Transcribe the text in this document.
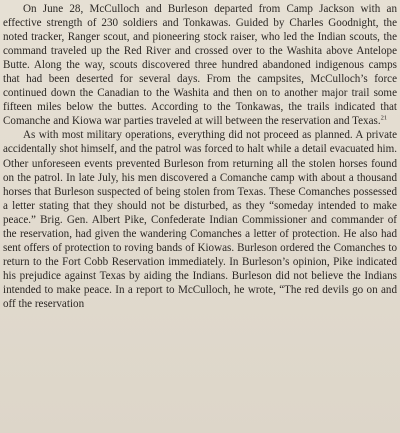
On June 28, McCulloch and Burleson departed from Camp Jackson with an effective strength of 230 soldiers and Tonkawas. Guided by Charles Goodnight, the noted tracker, Ranger scout, and pioneering stock raiser, who led the Indian scouts, the command traveled up the Red River and crossed over to the Washita above Antelope Butte. Along the way, scouts discovered three hundred abandoned indigenous camps that had been deserted for several days. From the campsites, McCulloch’s force continued down the Canadian to the Washita and then on to another major trail some fifteen miles below the buttes. According to the Tonkawas, the trails indicated that Comanche and Kiowa war parties traveled at will between the reservation and Texas.$^{21}$

As with most military operations, everything did not proceed as planned. A private accidentally shot himself, and the patrol was forced to halt while a detail evacuated him. Other unforeseen events prevented Burleson from returning all the stolen horses found on the patrol. In late July, his men discovered a Comanche camp with about a thousand horses that Burleson suspected of being stolen from Texas. These Comanches possessed a letter stating that they should not be disturbed, as they “someday intended to make peace.” Brig. Gen. Albert Pike, Confederate Indian Commissioner and commander of the reservation, had given the wandering Comanches a letter of protection. He also had sent offers of protection to roving bands of Kiowas. Burleson ordered the Comanches to return to the Fort Cobb Reservation immediately. In Burleson’s opinion, Pike indicated his prejudice against Texas by aiding the Indians. Burleson did not believe the Indians intended to make peace. In a report to McCulloch, he wrote, “The red devils go on and off the reservation
